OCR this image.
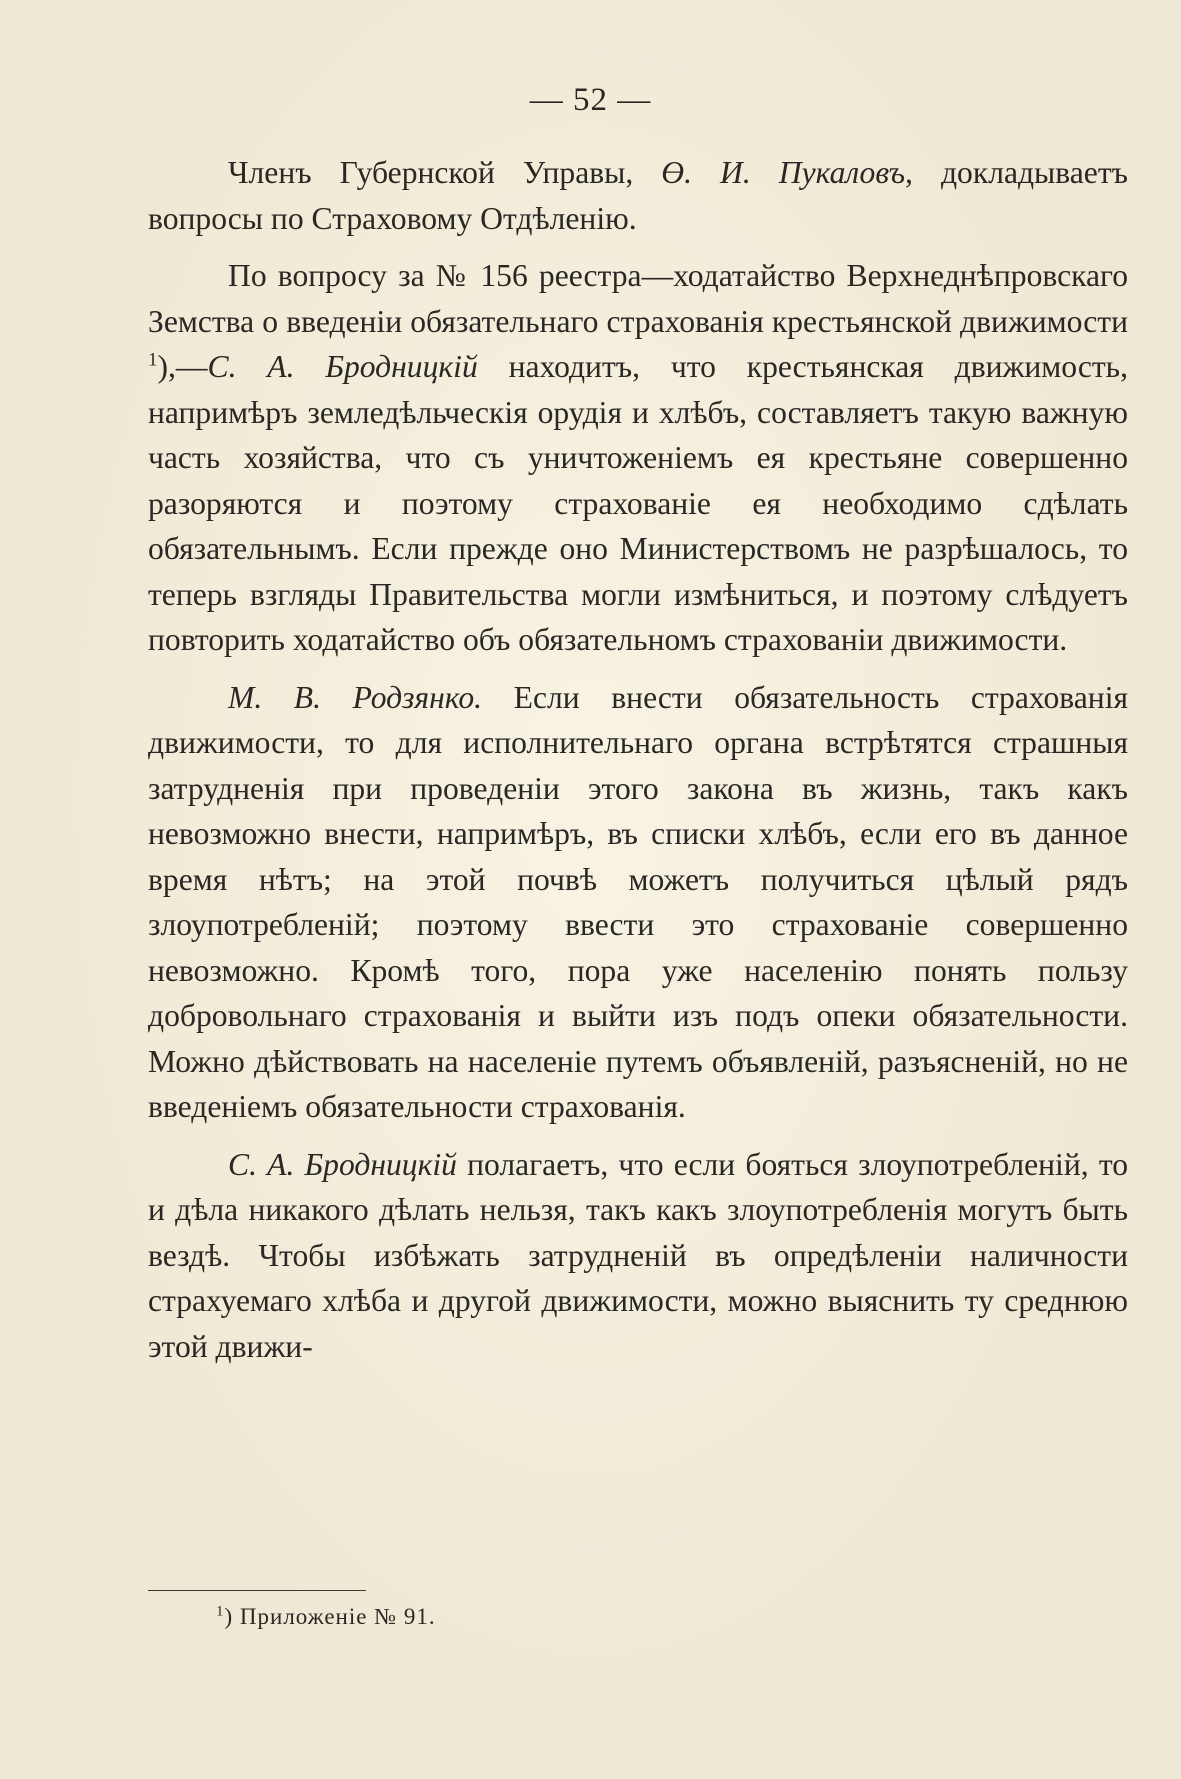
— 52 —

Членъ Губернской Управы, Ө. И. Пукаловъ, докладываетъ вопросы по Страховому Отдѣленію.

По вопросу за № 156 реестра—ходатайство Верхнеднѣпровскаго Земства о введеніи обязательнаго страхованія крестьянской движимости $^1$),—С. А. Бродницкій находитъ, что крестьянская движимость, напримѣръ земледѣльческія орудія и хлѣбъ, составляетъ такую важную часть хозяйства, что съ уничтоженіемъ ея крестьяне совершенно разоряются и поэтому страхованіе ея необходимо сдѣлать обязательнымъ. Если прежде оно Министерствомъ не разрѣшалось, то теперь взгляды Правительства могли измѣниться, и поэтому слѣдуетъ повторить ходатайство объ обязательномъ страхованіи движимости.

М. В. Родзянко. Если внести обязательность страхованія движимости, то для исполнительнаго органа встрѣтятся страшныя затрудненія при проведеніи этого закона въ жизнь, такъ какъ невозможно внести, напримѣръ, въ списки хлѣбъ, если его въ данное время нѣтъ; на этой почвѣ можетъ получиться цѣлый рядъ злоупотребленій; поэтому ввести это страхованіе совершенно невозможно. Кромѣ того, пора уже населенію понять пользу добровольнаго страхованія и выйти изъ подъ опеки обязательности. Можно дѣйствовать на населеніе путемъ объявленій, разъясненій, но не введеніемъ обязательности страхованія.

С. А. Бродницкій полагаетъ, что если бояться злоупотребленій, то и дѣла никакого дѣлать нельзя, такъ какъ злоупотребленія могутъ быть вездѣ. Чтобы избѣжать затрудненій въ опредѣленіи наличности страхуемаго хлѣба и другой движимости, можно выяснить ту среднюю этой движи-

$^1$) Приложеніе № 91.
